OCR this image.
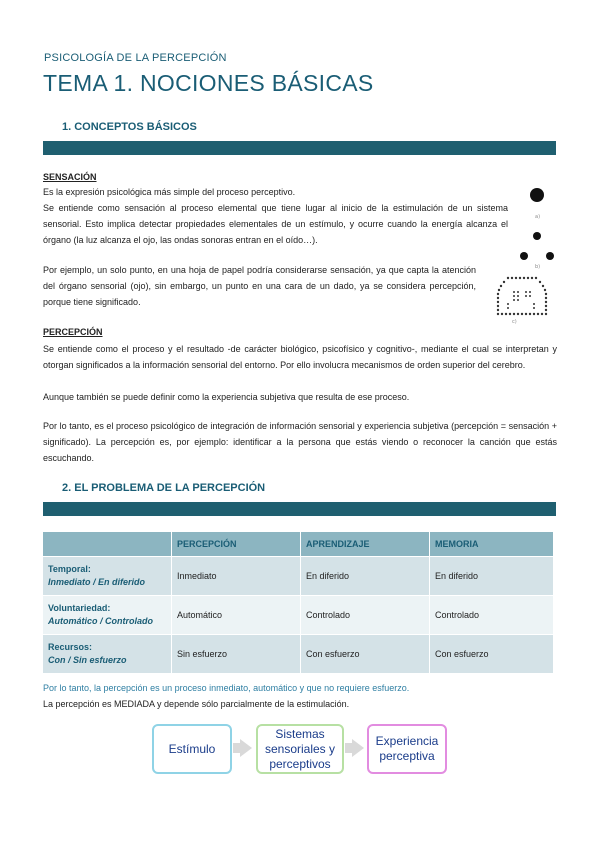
PSICOLOGÍA DE LA PERCEPCIÓN
TEMA 1. NOCIONES BÁSICAS
1. CONCEPTOS BÁSICOS
SENSACIÓN
Es la expresión psicológica más simple del proceso perceptivo.
Se entiende como sensación al proceso elemental que tiene lugar al inicio de la estimulación de un sistema sensorial. Esto implica detectar propiedades elementales de un estímulo, y ocurre cuando la energía alcanza el órgano (la luz alcanza el ojo, las ondas sonoras entran en el oído…).
Por ejemplo, un solo punto, en una hoja de papel podría considerarse sensación, ya que capta la atención del órgano sensorial (ojo), sin embargo, un punto en una cara de un dado, ya se considera percepción, porque tiene significado.
a)
b)
c)
PERCEPCIÓN
Se entiende como el proceso y el resultado -de carácter biológico, psicofísico y cognitivo-, mediante el cual se interpretan y otorgan significados a la información sensorial del entorno. Por ello involucra mecanismos de orden superior del cerebro.
Aunque también se puede definir como la experiencia subjetiva que resulta de ese proceso.
Por lo tanto, es el proceso psicológico de integración de información sensorial y experiencia subjetiva (percepción = sensación + significado). La percepción es, por ejemplo: identificar a la persona que estás viendo o reconocer la canción que estás escuchando.
2. EL PROBLEMA DE LA PERCEPCIÓN
	PERCEPCIÓN	APRENDIZAJE	MEMORIA
Temporal:
Inmediato / En diferido	Inmediato	En diferido	En diferido
Voluntariedad:
Automático / Controlado	Automático	Controlado	Controlado
Recursos:
Con / Sin esfuerzo	Sin esfuerzo	Con esfuerzo	Con esfuerzo
Por lo tanto, la percepción es un proceso inmediato, automático y que no requiere esfuerzo.
La percepción es MEDIADA y depende sólo parcialmente de la estimulación.
Estímulo
Sistemas sensoriales y perceptivos
Experiencia perceptiva
